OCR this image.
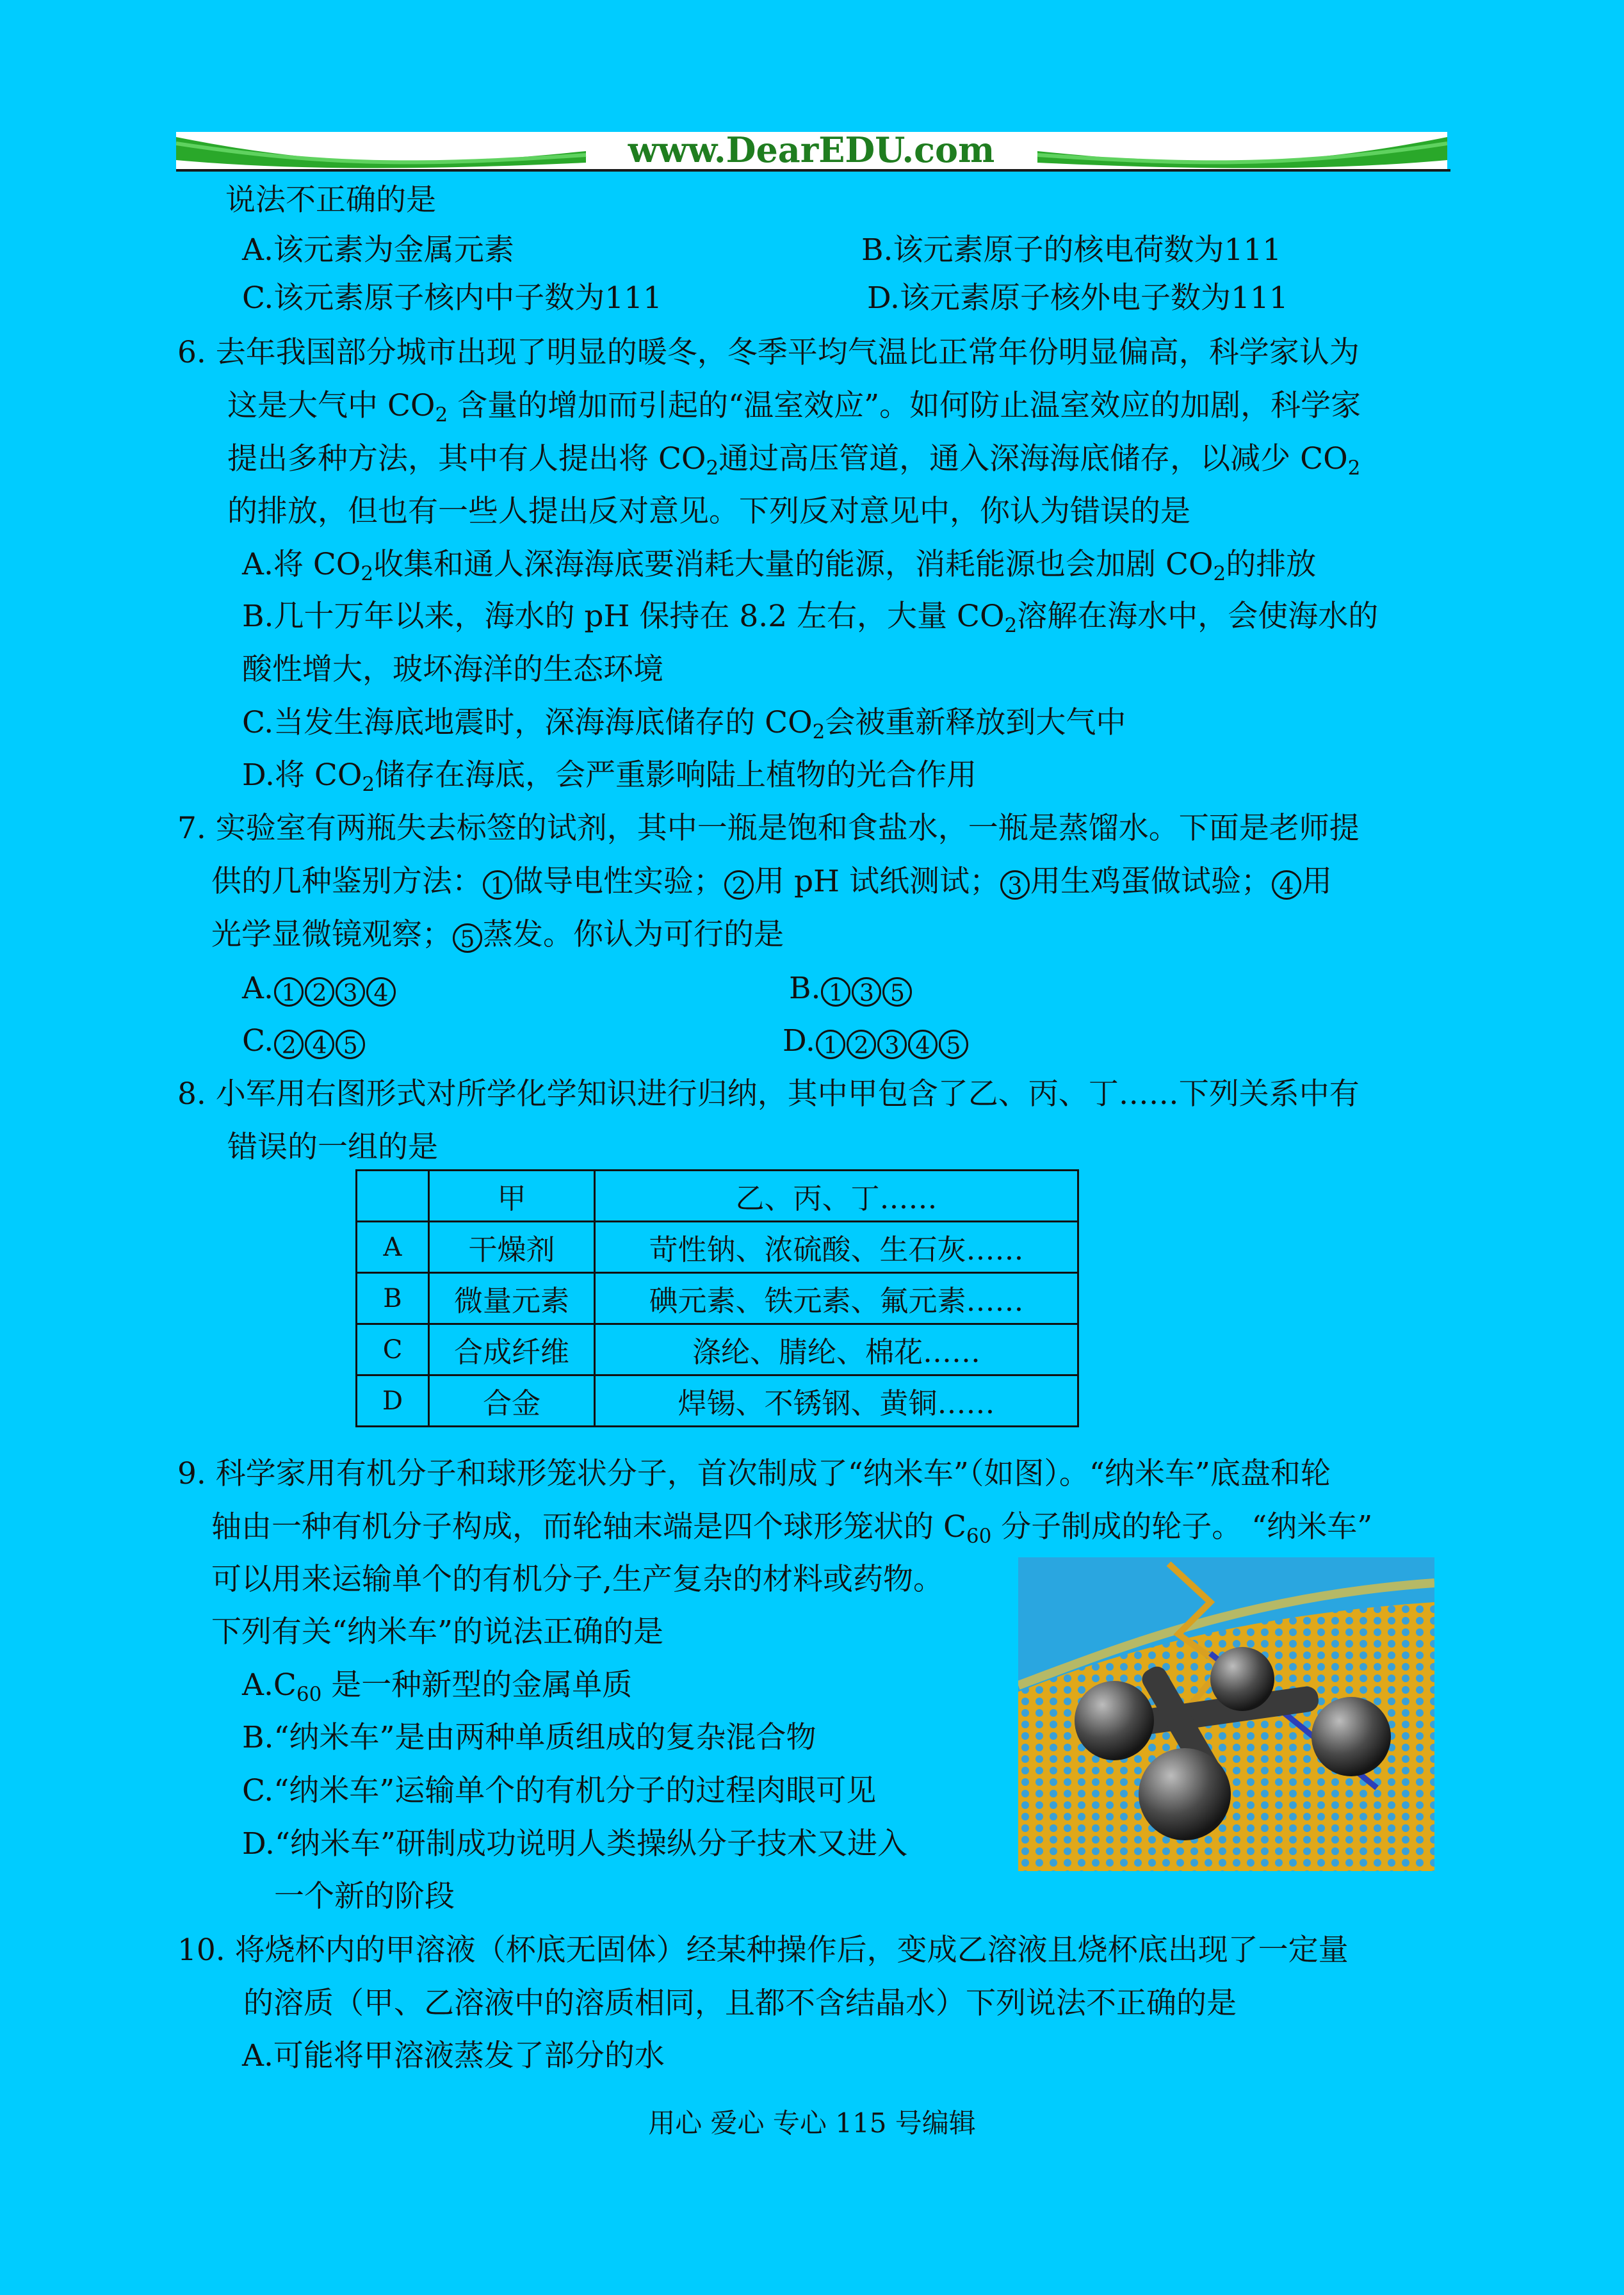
www.DearEDU.com
说法不正确的是
A.该元素为金属元素	B.该元素原子的核电荷数为111
C.该元素原子核内中子数为111	D.该元素原子核外电子数为111
6. 去年我国部分城市出现了明显的暖冬，冬季平均气温比正常年份明显偏高，科学家认为
这是大气中 $CO_2$ 含量的增加而引起的“温室效应”。如何防止温室效应的加剧，科学家
提出多种方法，其中有人提出将 $CO_2$通过高压管道，通入深海海底储存，以减少 $CO_2$
的排放，但也有一些人提出反对意见。下列反对意见中，你认为错误的是
A.将 $CO_2$收集和通人深海海底要消耗大量的能源，消耗能源也会加剧 $CO_2$的排放
B.几十万年以来，海水的 pH 保持在 8.2 左右，大量 $CO_2$溶解在海水中，会使海水的
酸性增大，玻坏海洋的生态环境
C.当发生海底地震时，深海海底储存的 $CO_2$会被重新释放到大气中
D.将 $CO_2$储存在海底，会严重影响陆上植物的光合作用
7. 实验室有两瓶失去标签的试剂，其中一瓶是饱和食盐水，一瓶是蒸馏水。下面是老师提
供的几种鉴别方法： 1 做导电性实验； 2 用 pH 试纸测试； 3 用生鸡蛋做试验； 4 用
光学显微镜观察； 5 蒸发。你认为可行的是
A. 1 2 3 4	B. 1 3 5
C. 2 4 5	D. 1 2 3 4 5
8. 小军用右图形式对所学化学知识进行归纳，其中甲包含了乙、丙、丁……下列关系中有
错误的一组的是
	甲	乙、丙、丁……
A	干燥剂	苛性钠、浓硫酸、生石灰……
B	微量元素	碘元素、铁元素、氟元素……
C	合成纤维	涤纶、腈纶、棉花……
D	合金	焊锡、不锈钢、黄铜……
9. 科学家用有机分子和球形笼状分子，首次制成了“纳米车”（如图）。“纳米车”底盘和轮
轴由一种有机分子构成，而轮轴末端是四个球形笼状的 $C_{60}$ 分子制成的轮子。 “纳米车”
可以用来运输单个的有机分子,生产复杂的材料或药物。
下列有关“纳米车”的说法正确的是
$A.C_{60}$ 是一种新型的金属单质
B.“纳米车”是由两种单质组成的复杂混合物
C.“纳米车”运输单个的有机分子的过程肉眼可见
D.“纳米车”研制成功说明人类操纵分子技术又进入
一个新的阶段
10. 将烧杯内的甲溶液（杯底无固体）经某种操作后，变成乙溶液且烧杯底出现了一定量
的溶质（甲、乙溶液中的溶质相同，且都不含结晶水）下列说法不正确的是
A.可能将甲溶液蒸发了部分的水
用心 爱心 专心 115 号编辑
